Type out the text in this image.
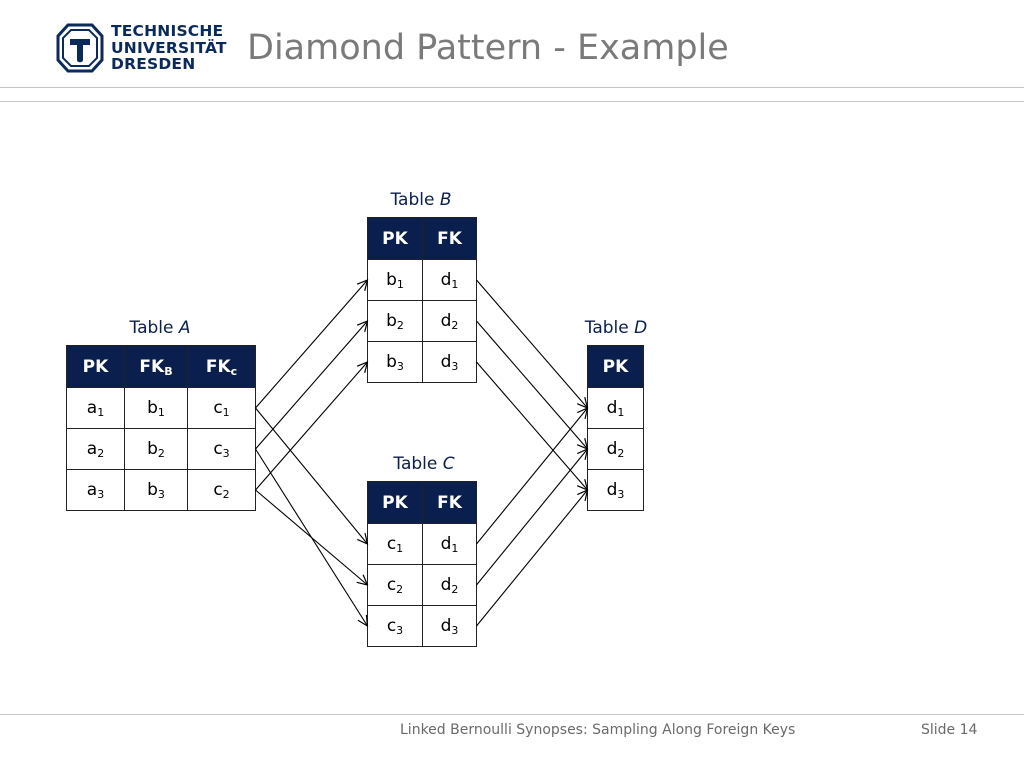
TECHNISCHE
UNIVERSITÄT
DRESDEN	Diamond Pattern - Example
Table A
Table B
Table C
Table D
PK	$FK_B$	$FK_c$
$a_1$	$b_1$	$c_1$
$a_2$	$b_2$	$c_3$
$a_3$	$b_3$	$c_2$
PK	FK
$b_1$	$d_1$
$b_2$	$d_2$
$b_3$	$d_3$
PK	FK
$c_1$	$d_1$
$c_2$	$d_2$
$c_3$	$d_3$
PK
$d_1$
$d_2$
$d_3$
Linked Bernoulli Synopses: Sampling Along Foreign Keys	Slide 14
